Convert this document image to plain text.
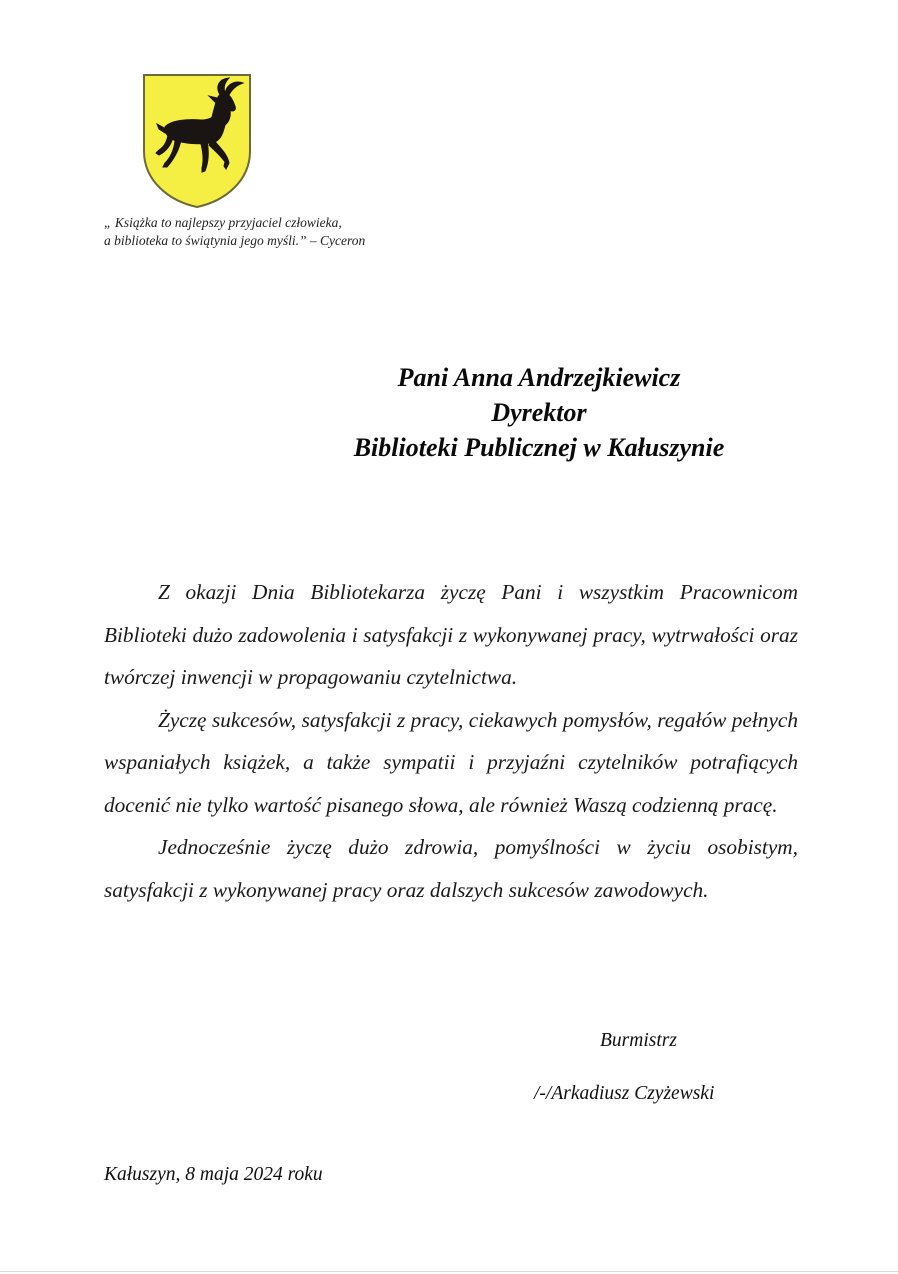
„ Książka to najlepszy przyjaciel człowieka,
a biblioteka to świątynia jego myśli.” – Cyceron
Pani Anna Andrzejkiewicz
Dyrektor
Biblioteki Publicznej w Kałuszynie

Z okazji Dnia Bibliotekarza życzę Pani i wszystkim Pracownicom Biblioteki dużo zadowolenia i satysfakcji z wykonywanej pracy, wytrwałości oraz twórczej inwencji w propagowaniu czytelnictwa.

Życzę sukcesów, satysfakcji z pracy, ciekawych pomysłów, regałów pełnych wspaniałych książek, a także sympatii i przyjaźni czytelników potrafiących docenić nie tylko wartość pisanego słowa, ale również Waszą codzienną pracę.

Jednocześnie życzę dużo zdrowia, pomyślności w życiu osobistym, satysfakcji z wykonywanej pracy oraz dalszych sukcesów zawodowych.

Burmistrz
/-/Arkadiusz Czyżewski
Kałuszyn, 8 maja 2024 roku
